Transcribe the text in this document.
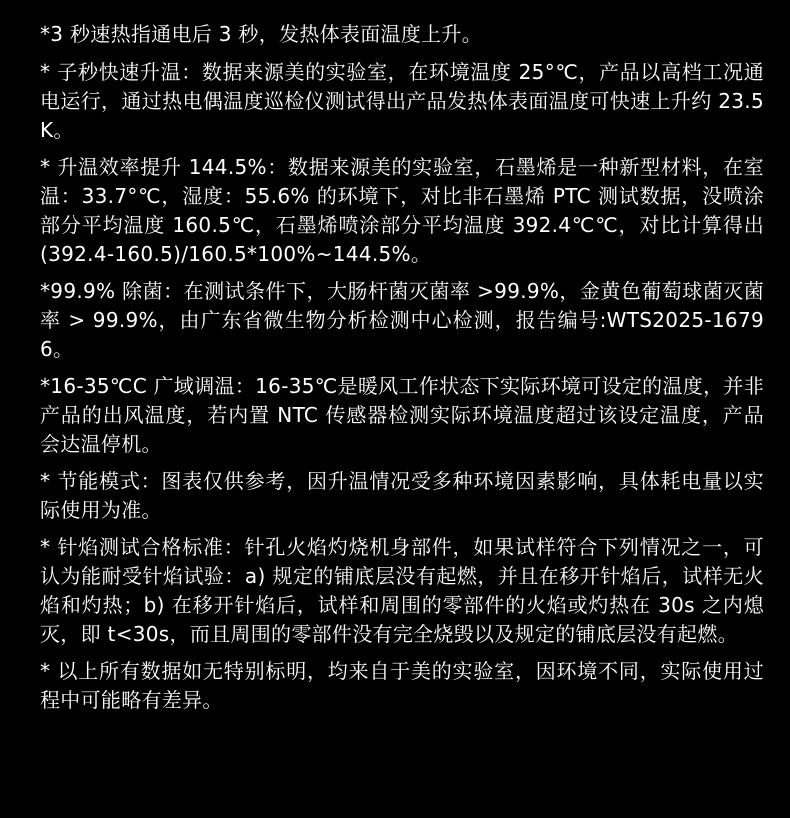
*3 秒速热指通电后 3 秒，发热体表面温度上升。

* 子秒快速升温：数据来源美的实验室，在环境温度 25°℃，产品以高档工况通电运行，通过热电偶温度巡检仪测试得出产品发热体表面温度可快速上升约 23.5K。

* 升温效率提升 144.5%：数据来源美的实验室，石墨烯是一种新型材料，在室温：33.7°℃，湿度：55.6% 的环境下，对比非石墨烯 PTC 测试数据，没喷涂部分平均温度 160.5℃，石墨烯喷涂部分平均温度 392.4℃℃，对比计算得出 (392.4-160.5)/160.5*100%~144.5%。

*99.9% 除菌：在测试条件下，大肠杆菌灭菌率 >99.9%，金黄色葡萄球菌灭菌率 > 99.9%，由广东省微生物分析检测中心检测，报告编号:WTS2025-16796。

*16-35℃C 广域调温：16-35℃是暖风工作状态下实际环境可设定的温度，并非产品的出风温度，若内置 NTC 传感器检测实际环境温度超过该设定温度，产品会达温停机。

* 节能模式：图表仅供参考，因升温情况受多种环境因素影响，具体耗电量以实际使用为准。

* 针焰测试合格标准：针孔火焰灼烧机身部件，如果试样符合下列情况之一，可认为能耐受针焰试验：a) 规定的铺底层没有起燃，并且在移开针焰后，试样无火焰和灼热；b) 在移开针焰后，试样和周围的零部件的火焰或灼热在 30s 之内熄灭，即 t<30s，而且周围的零部件没有完全烧毁以及规定的铺底层没有起燃。

* 以上所有数据如无特别标明，均来自于美的实验室，因环境不同，实际使用过程中可能略有差异。
